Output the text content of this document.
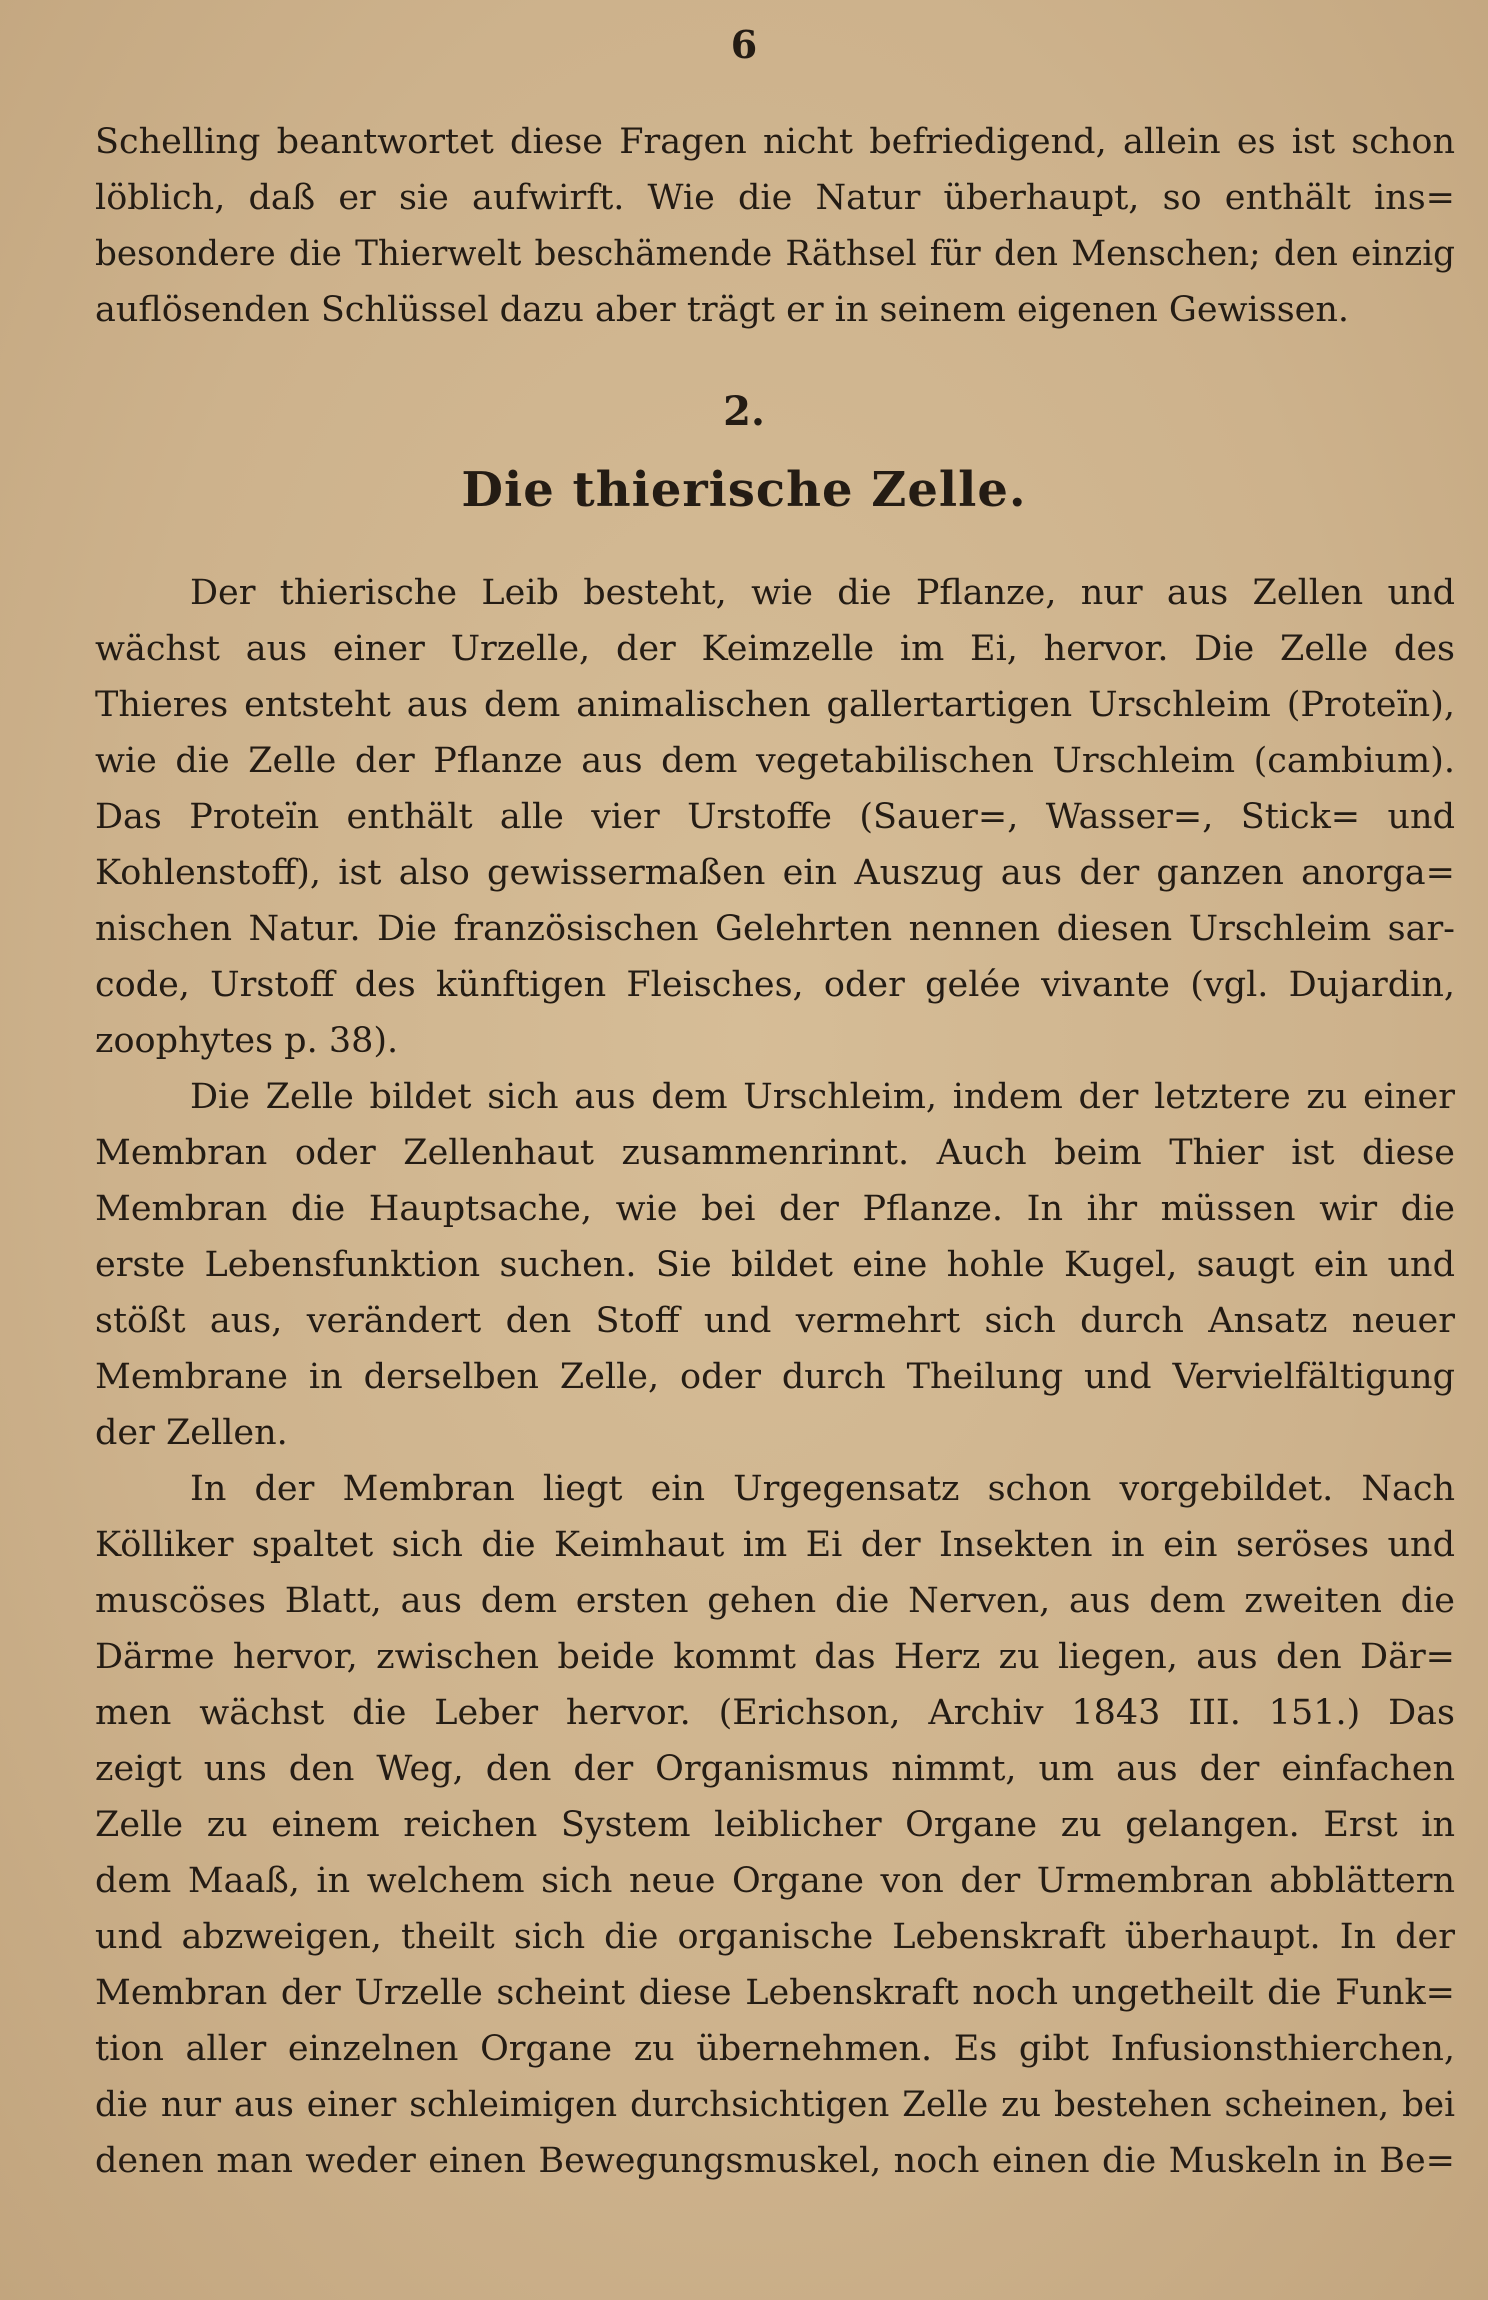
6
Schelling beantwortet diese Fragen nicht befriedigend, allein es ist schon
löblich, daß er sie aufwirft. Wie die Natur überhaupt, so enthält ins=
besondere die Thierwelt beschämende Räthsel für den Menschen; den einzig
auflösenden Schlüssel dazu aber trägt er in seinem eigenen Gewissen.
2.
Die thierische Zelle.
Der thierische Leib besteht, wie die Pflanze, nur aus Zellen und
wächst aus einer Urzelle, der Keimzelle im Ei, hervor. Die Zelle des
Thieres entsteht aus dem animalischen gallertartigen Urschleim (Proteïn),
wie die Zelle der Pflanze aus dem vegetabilischen Urschleim (cambium).
Das Proteïn enthält alle vier Urstoffe (Sauer=, Wasser=, Stick= und
Kohlenstoff), ist also gewissermaßen ein Auszug aus der ganzen anorga=
nischen Natur. Die französischen Gelehrten nennen diesen Urschleim sar-
code, Urstoff des künftigen Fleisches, oder gelée vivante (vgl. Dujardin,
zoophytes p. 38).
Die Zelle bildet sich aus dem Urschleim, indem der letztere zu einer
Membran oder Zellenhaut zusammenrinnt. Auch beim Thier ist diese
Membran die Hauptsache, wie bei der Pflanze. In ihr müssen wir die
erste Lebensfunktion suchen. Sie bildet eine hohle Kugel, saugt ein und
stößt aus, verändert den Stoff und vermehrt sich durch Ansatz neuer
Membrane in derselben Zelle, oder durch Theilung und Vervielfältigung
der Zellen.
In der Membran liegt ein Urgegensatz schon vorgebildet. Nach
Kölliker spaltet sich die Keimhaut im Ei der Insekten in ein seröses und
muscöses Blatt, aus dem ersten gehen die Nerven, aus dem zweiten die
Därme hervor, zwischen beide kommt das Herz zu liegen, aus den Där=
men wächst die Leber hervor. (Erichson, Archiv 1843 III. 151.) Das
zeigt uns den Weg, den der Organismus nimmt, um aus der einfachen
Zelle zu einem reichen System leiblicher Organe zu gelangen. Erst in
dem Maaß, in welchem sich neue Organe von der Urmembran abblättern
und abzweigen, theilt sich die organische Lebenskraft überhaupt. In der
Membran der Urzelle scheint diese Lebenskraft noch ungetheilt die Funk=
tion aller einzelnen Organe zu übernehmen. Es gibt Infusionsthierchen,
die nur aus einer schleimigen durchsichtigen Zelle zu bestehen scheinen, bei
denen man weder einen Bewegungsmuskel, noch einen die Muskeln in Be=
